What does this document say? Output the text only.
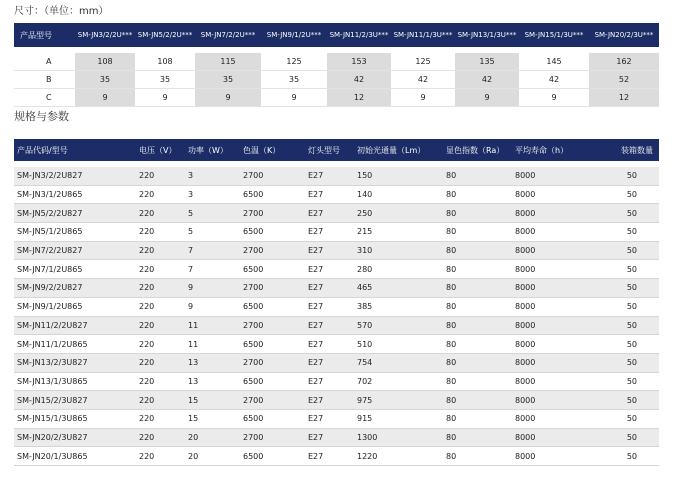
尺寸：（单位：mm）
产品型号	SM-JN3/2/2U***	SM-JN5/2/2U***	SM-JN7/2/2U***	SM-JN9/1/2U***	SM-JN11/2/3U***	SM-JN11/1/3U***	SM-JN13/1/3U***	SM-JN15/1/3U***	SM-JN20/2/3U***

A	108	108	115	125	153	125	135	145	162
B	35	35	35	35	42	42	42	42	52
C	9	9	9	9	12	9	9	9	12
规格与参数
产品代码/型号	电压（V）	功率（W）	色温（K）	灯头型号	初始光通量（Lm）	显色指数（Ra）	平均寿命（h）	装箱数量

SM-JN3/2/2U827	220	3	2700	E27	150	80	8000	50
SM-JN3/1/2U865	220	3	6500	E27	140	80	8000	50
SM-JN5/2/2U827	220	5	2700	E27	250	80	8000	50
SM-JN5/1/2U865	220	5	6500	E27	215	80	8000	50
SM-JN7/2/2U827	220	7	2700	E27	310	80	8000	50
SM-JN7/1/2U865	220	7	6500	E27	280	80	8000	50
SM-JN9/2/2U827	220	9	2700	E27	465	80	8000	50
SM-JN9/1/2U865	220	9	6500	E27	385	80	8000	50
SM-JN11/2/2U827	220	11	2700	E27	570	80	8000	50
SM-JN11/1/2U865	220	11	6500	E27	510	80	8000	50
SM-JN13/2/3U827	220	13	2700	E27	754	80	8000	50
SM-JN13/1/3U865	220	13	6500	E27	702	80	8000	50
SM-JN15/2/3U827	220	15	2700	E27	975	80	8000	50
SM-JN15/1/3U865	220	15	6500	E27	915	80	8000	50
SM-JN20/2/3U827	220	20	2700	E27	1300	80	8000	50
SM-JN20/1/3U865	220	20	6500	E27	1220	80	8000	50
